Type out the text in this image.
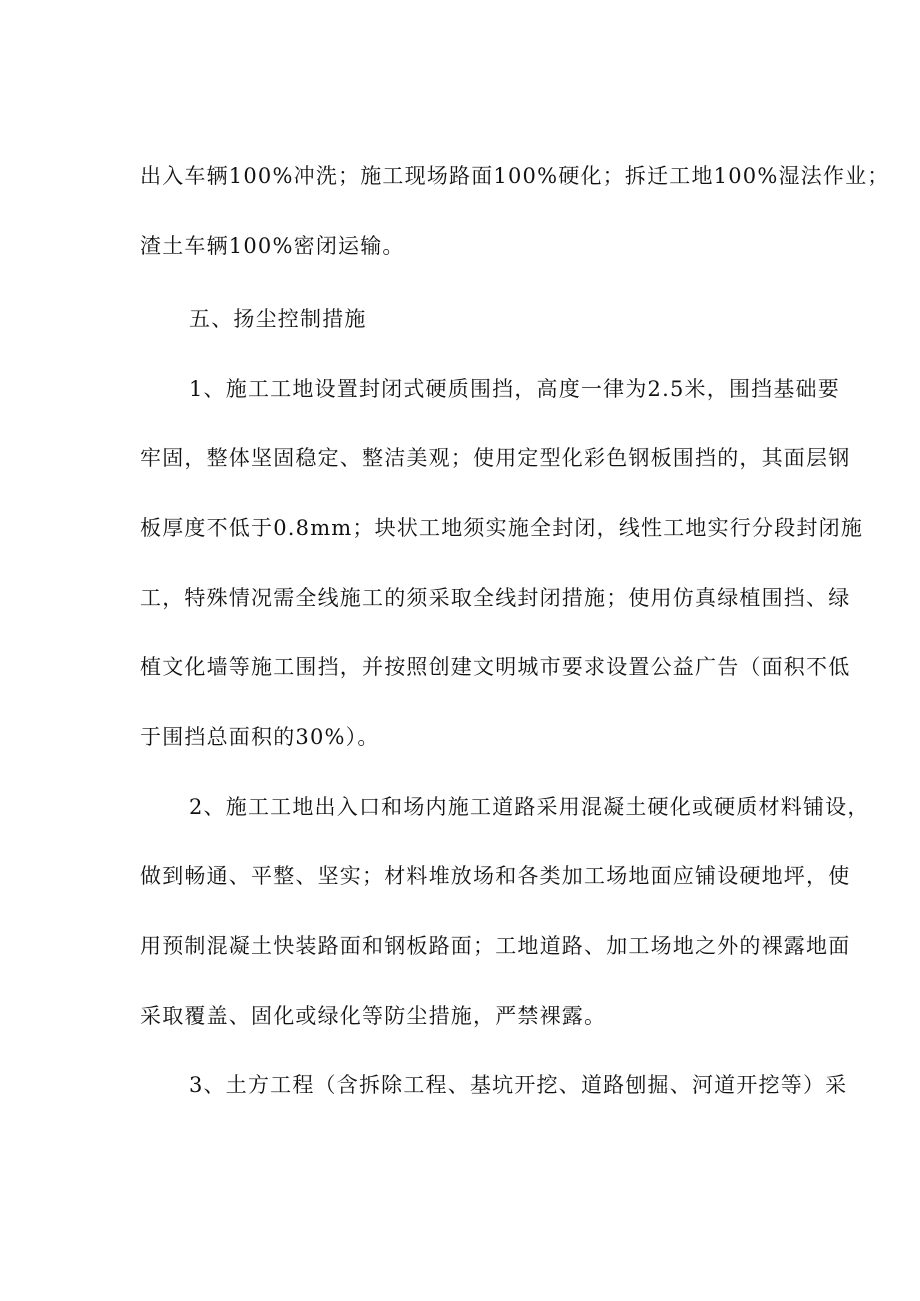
出入车辆100%冲洗；施工现场路面100%硬化；拆迁工地100%湿法作业；
渣土车辆100%密闭运输。
五、扬尘控制措施
1、施工工地设置封闭式硬质围挡，高度一律为2.5米，围挡基础要
牢固，整体坚固稳定、整洁美观；使用定型化彩色钢板围挡的，其面层钢
板厚度不低于0.8mm；块状工地须实施全封闭，线性工地实行分段封闭施
工，特殊情况需全线施工的须采取全线封闭措施；使用仿真绿植围挡、绿
植文化墙等施工围挡，并按照创建文明城市要求设置公益广告（面积不低
于围挡总面积的30%）。
2、施工工地出入口和场内施工道路采用混凝土硬化或硬质材料铺设，
做到畅通、平整、坚实；材料堆放场和各类加工场地面应铺设硬地坪，使
用预制混凝土快装路面和钢板路面；工地道路、加工场地之外的裸露地面
采取覆盖、固化或绿化等防尘措施，严禁裸露。
3、土方工程（含拆除工程、基坑开挖、道路刨掘、河道开挖等）采
